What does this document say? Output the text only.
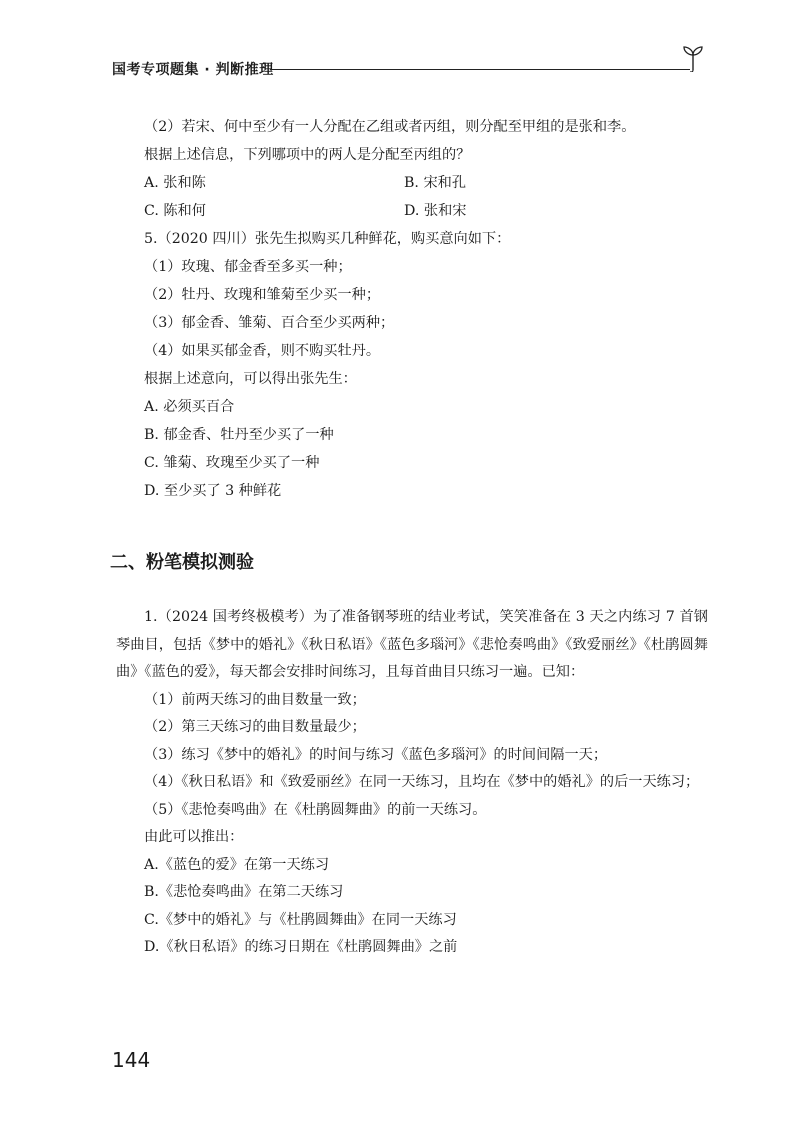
国考专项题集 · 判断推理
（2）若宋、何中至少有一人分配在乙组或者丙组，则分配至甲组的是张和李。
根据上述信息，下列哪项中的两人是分配至丙组的？
A. 张和陈	B. 宋和孔
C. 陈和何	D. 张和宋
5.（2020 四川）张先生拟购买几种鲜花，购买意向如下：
（1）玫瑰、郁金香至多买一种；
（2）牡丹、玫瑰和雏菊至少买一种；
（3）郁金香、雏菊、百合至少买两种；
（4）如果买郁金香，则不购买牡丹。
根据上述意向，可以得出张先生：
A. 必须买百合
B. 郁金香、牡丹至少买了一种
C. 雏菊、玫瑰至少买了一种
D. 至少买了 3 种鲜花
二、粉笔模拟测验

1.（2024 国考终极模考）为了准备钢琴班的结业考试，笑笑准备在 3 天之内练习 7 首钢琴曲目，包括《梦中的婚礼》《秋日私语》《蓝色多瑙河》《悲怆奏鸣曲》《致爱丽丝》《杜鹃圆舞曲》《蓝色的爱》，每天都会安排时间练习，且每首曲目只练习一遍。已知：

（1）前两天练习的曲目数量一致；

（2）第三天练习的曲目数量最少；

（3）练习《梦中的婚礼》的时间与练习《蓝色多瑙河》的时间间隔一天；

（4）《秋日私语》和《致爱丽丝》在同一天练习，且均在《梦中的婚礼》的后一天练习；

（5）《悲怆奏鸣曲》在《杜鹃圆舞曲》的前一天练习。

由此可以推出：

A.《蓝色的爱》在第一天练习

B.《悲怆奏鸣曲》在第二天练习

C.《梦中的婚礼》与《杜鹃圆舞曲》在同一天练习

D.《秋日私语》的练习日期在《杜鹃圆舞曲》之前

144
